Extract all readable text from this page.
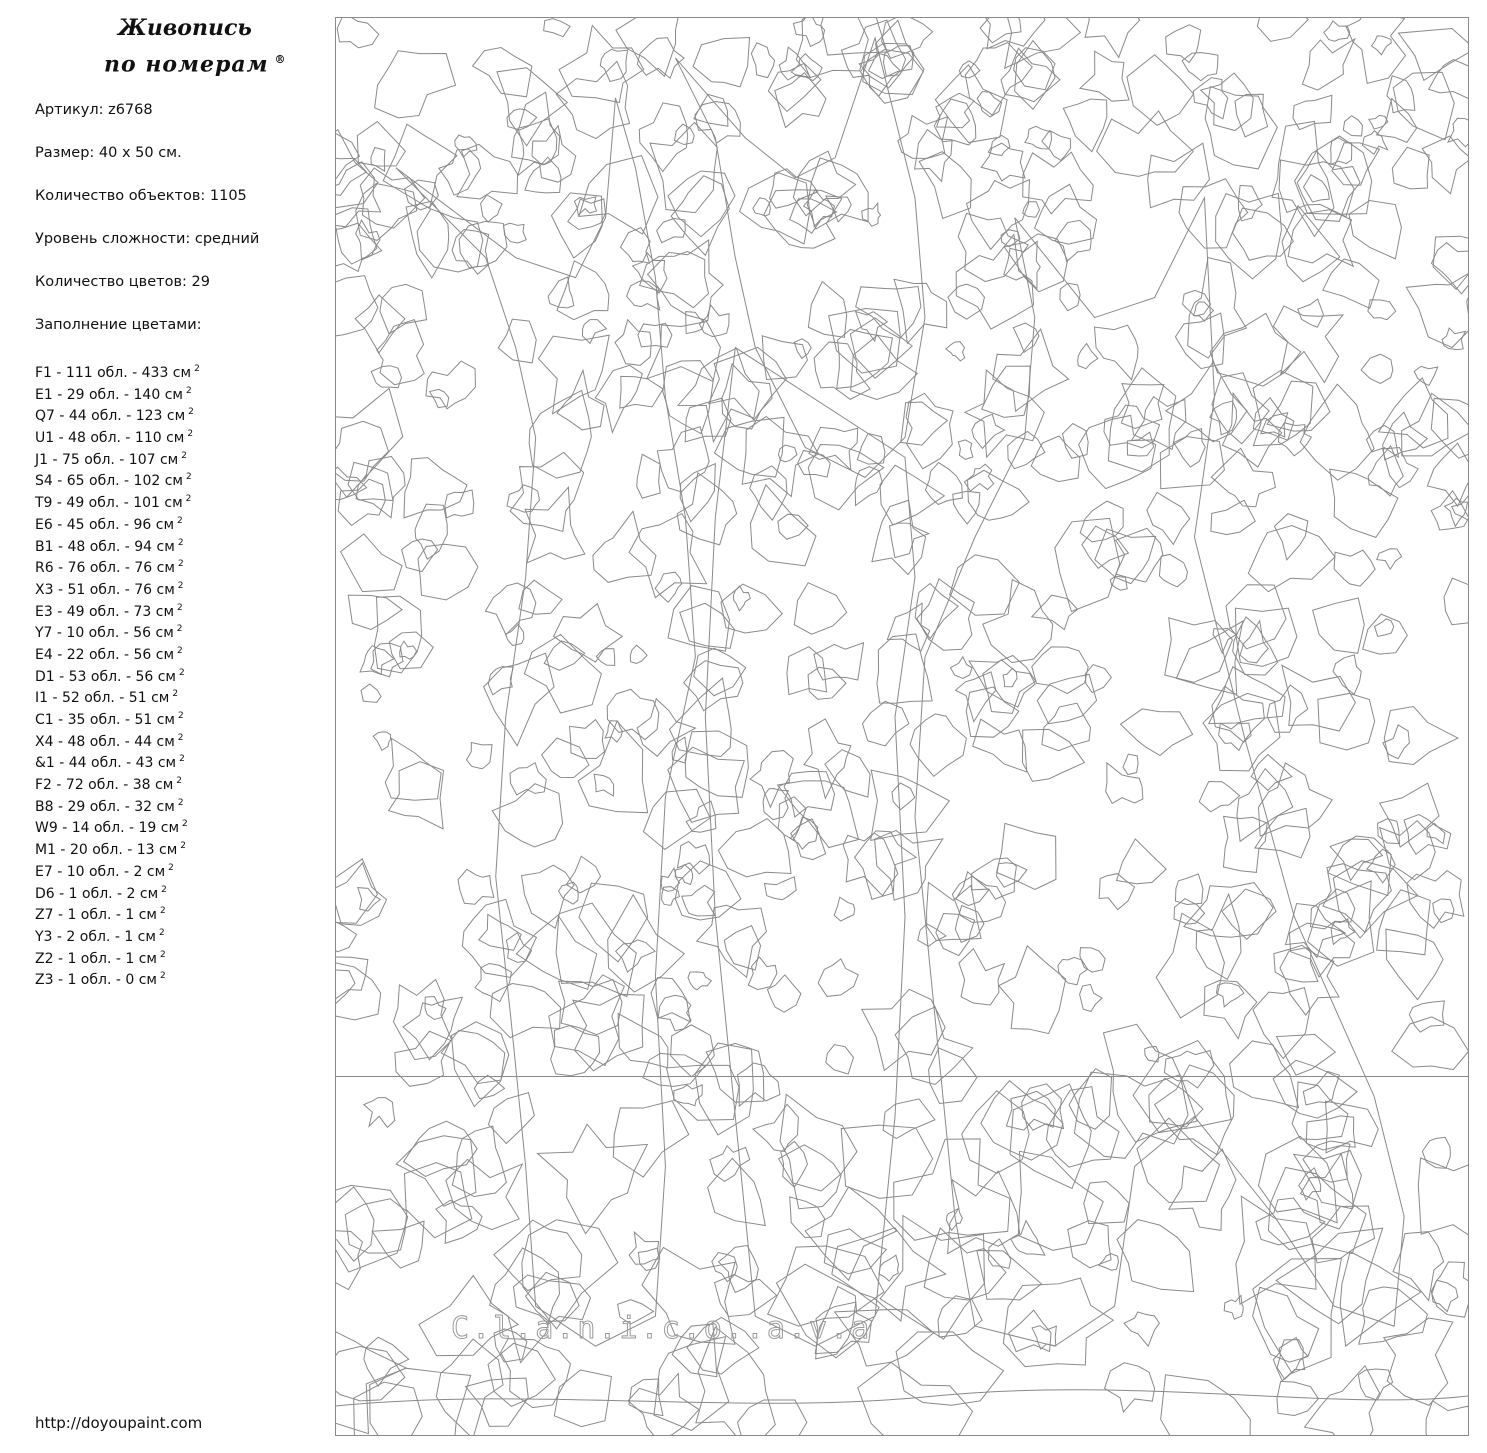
Живопись
по номерам ®
Артикул: z6768
Размер: 40 x 50 см.
Количество объектов: 1105
Уровень сложности: средний
Количество цветов: 29
Заполнение цветами:
F1 - 111 обл. - 433 см $^2$
E1 - 29 обл. - 140 см $^2$
Q7 - 44 обл. - 123 см $^2$
U1 - 48 обл. - 110 см $^2$
J1 - 75 обл. - 107 см $^2$
S4 - 65 обл. - 102 см $^2$
T9 - 49 обл. - 101 см $^2$
E6 - 45 обл. - 96 см $^2$
B1 - 48 обл. - 94 см $^2$
R6 - 76 обл. - 76 см $^2$
X3 - 51 обл. - 76 см $^2$
E3 - 49 обл. - 73 см $^2$
Y7 - 10 обл. - 56 см $^2$
E4 - 22 обл. - 56 см $^2$
D1 - 53 обл. - 56 см $^2$
I1 - 52 обл. - 51 см $^2$
C1 - 35 обл. - 51 см $^2$
X4 - 48 обл. - 44 см $^2$
&1 - 44 обл. - 43 см $^2$
F2 - 72 обл. - 38 см $^2$
B8 - 29 обл. - 32 см $^2$
W9 - 14 обл. - 19 см $^2$
M1 - 20 обл. - 13 см $^2$
E7 - 10 обл. - 2 см $^2$
D6 - 1 обл. - 2 см $^2$
Z7 - 1 обл. - 1 см $^2$
Y3 - 2 обл. - 1 см $^2$
Z2 - 1 обл. - 1 см $^2$
Z3 - 1 обл. - 0 см $^2$
http://doyoupaint.com
C.l.a.n.i.c.o..a.v.a
